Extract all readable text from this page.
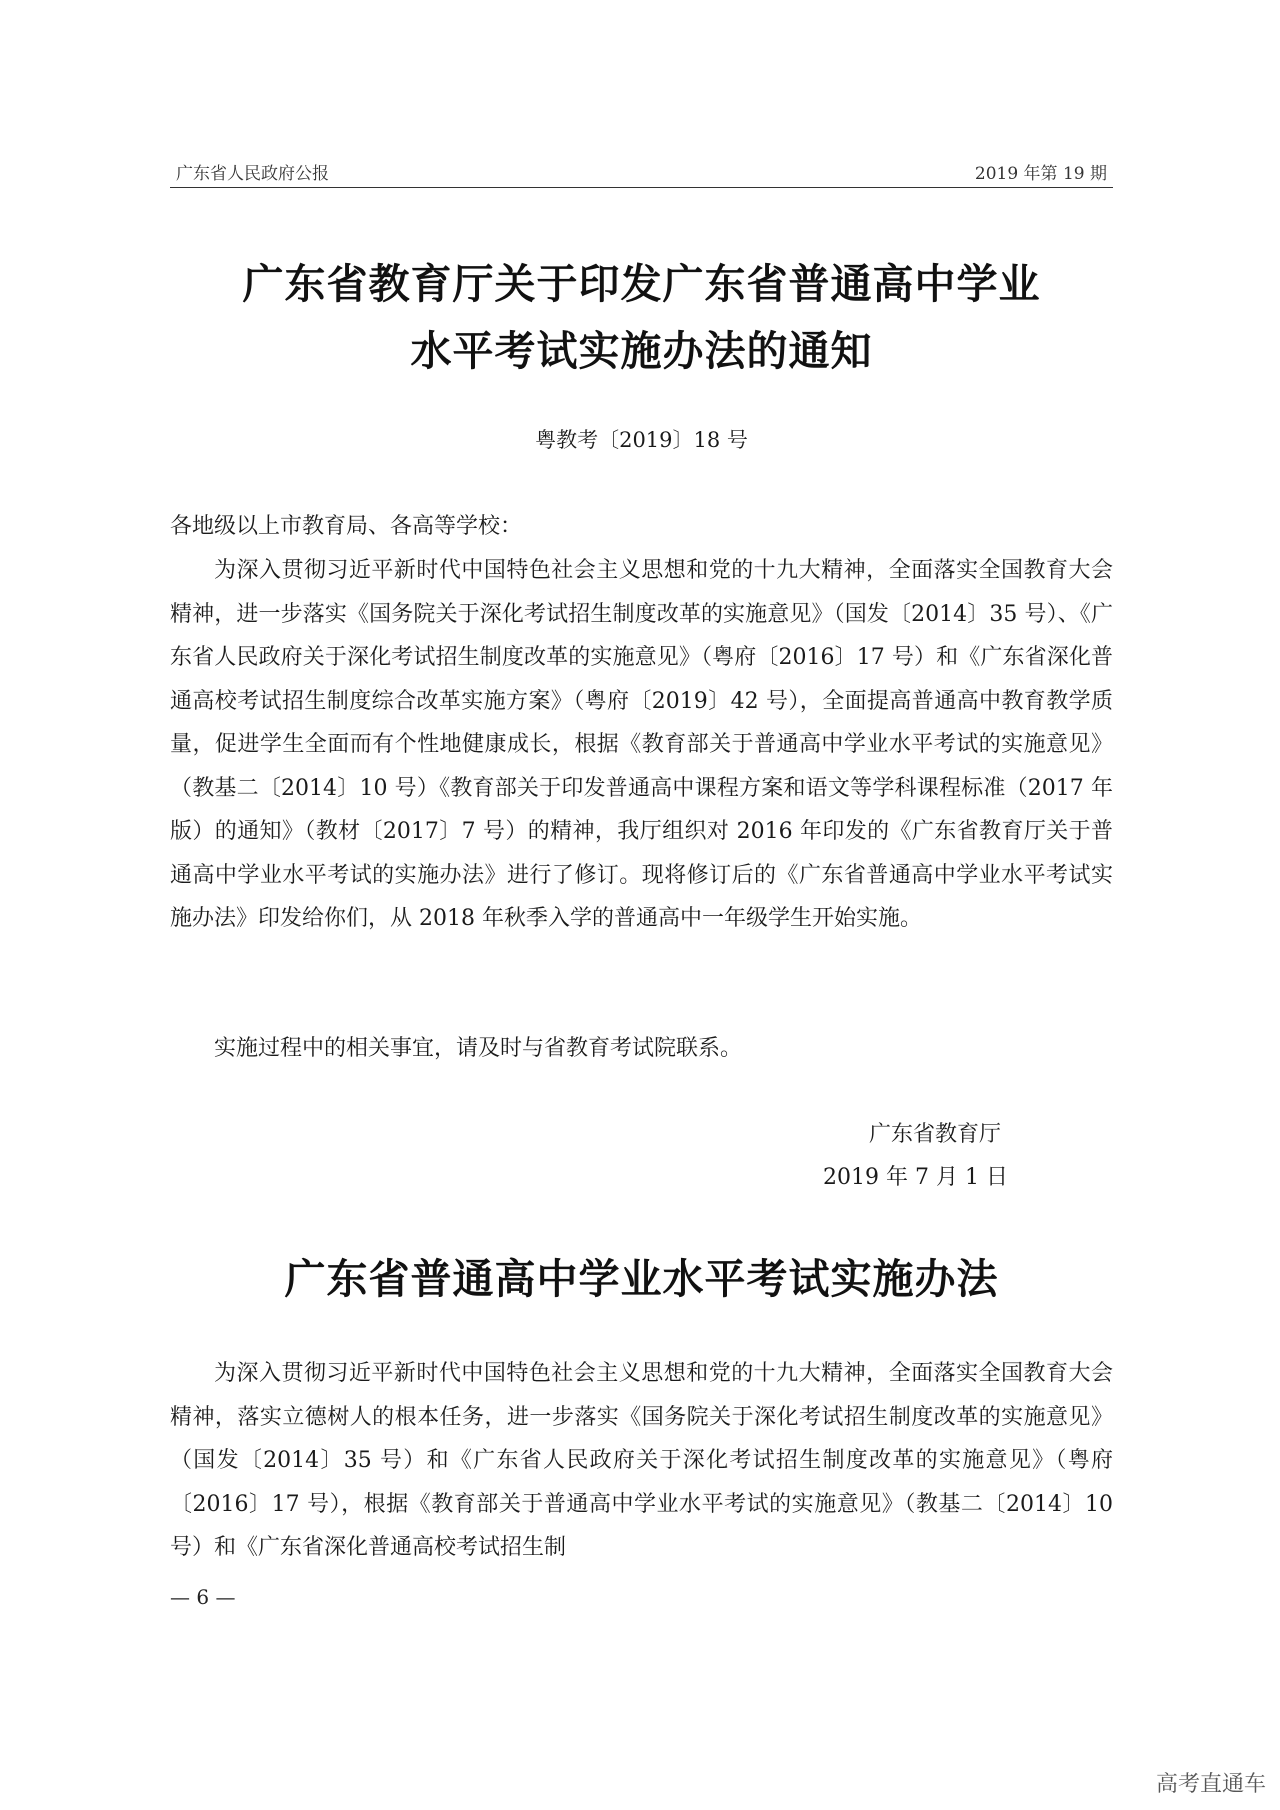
广东省人民政府公报	2019 年第 19 期
广东省教育厅关于印发广东省普通高中学业
水平考试实施办法的通知
粤教考〔2019〕18 号

各地级以上市教育局、各高等学校：

为深入贯彻习近平新时代中国特色社会主义思想和党的十九大精神，全面落实全国教育大会精神，进一步落实《国务院关于深化考试招生制度改革的实施意见》（国发〔2014〕35 号）、《广东省人民政府关于深化考试招生制度改革的实施意见》（粤府〔2016〕17 号）和《广东省深化普通高校考试招生制度综合改革实施方案》（粤府〔2019〕42 号），全面提高普通高中教育教学质量，促进学生全面而有个性地健康成长，根据《教育部关于普通高中学业水平考试的实施意见》（教基二〔2014〕10 号）《教育部关于印发普通高中课程方案和语文等学科课程标准（2017 年版）的通知》（教材〔2017〕7 号）的精神，我厅组织对 2016 年印发的《广东省教育厅关于普通高中学业水平考试的实施办法》进行了修订。现将修订后的《广东省普通高中学业水平考试实施办法》印发给你们，从 2018 年秋季入学的普通高中一年级学生开始实施。

实施过程中的相关事宜，请及时与省教育考试院联系。

广东省教育厅
2019 年 7 月 1 日
广东省普通高中学业水平考试实施办法

为深入贯彻习近平新时代中国特色社会主义思想和党的十九大精神，全面落实全国教育大会精神，落实立德树人的根本任务，进一步落实《国务院关于深化考试招生制度改革的实施意见》（国发〔2014〕35 号）和《广东省人民政府关于深化考试招生制度改革的实施意见》（粤府〔2016〕17 号），根据《教育部关于普通高中学业水平考试的实施意见》（教基二〔2014〕10 号）和《广东省深化普通高校考试招生制

— 6 —
高考直通车
